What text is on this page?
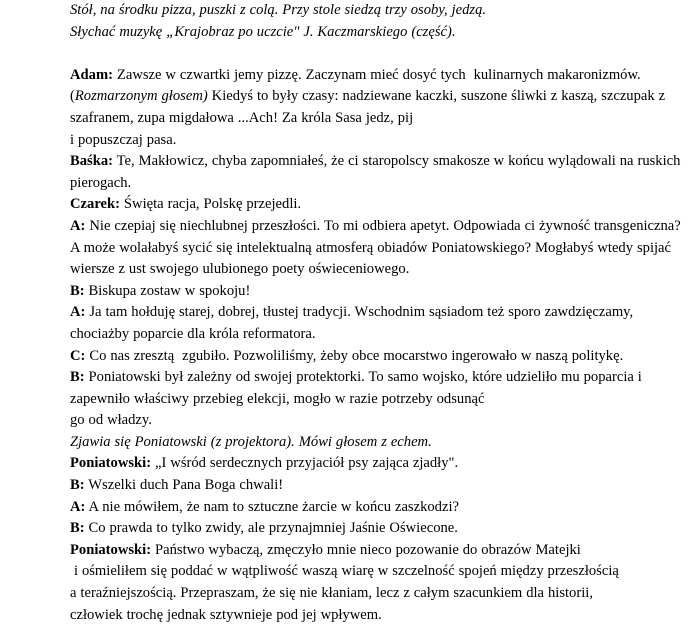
Stół, na środku pizza, puszki z colą. Przy stole siedzą trzy osoby, jedzą.
Słychać muzykę „Krajobraz po uczcie" J. Kaczmarskiego (część).

Adam: Zawsze w czwartki jemy pizzę. Zaczynam mieć dosyć tych  kulinarnych makaronizmów. (Rozmarzonym głosem) Kiedyś to były czasy: nadziewane kaczki, suszone śliwki z kaszą, szczupak z szafranem, zupa migdałowa ...Ach! Za króla Sasa jedz, pij
i popuszczaj pasa.

Baśka: Te, Makłowicz, chyba zapomniałeś, że ci staropolscy smakosze w końcu wylądowali na ruskich pierogach.

Czarek: Święta racja, Polskę przejedli.

A: Nie czepiaj się niechlubnej przeszłości. To mi odbiera apetyt. Odpowiada ci żywność transgeniczna? A może wolałabyś sycić się intelektualną atmosferą obiadów Poniatowskiego? Mogłabyś wtedy spijać wiersze z ust swojego ulubionego poety oświeceniowego.

B: Biskupa zostaw w spokoju!

A: Ja tam hołduję starej, dobrej, tłustej tradycji. Wschodnim sąsiadom też sporo zawdzięczamy, chociażby poparcie dla króla reformatora.

C: Co nas zresztą  zgubiło. Pozwoliliśmy, żeby obce mocarstwo ingerowało w naszą politykę.

B: Poniatowski był zależny od swojej protektorki. To samo wojsko, które udzieliło mu poparcia i zapewniło właściwy przebieg elekcji, mogło w razie potrzeby odsunąć
go od władzy.

Zjawia się Poniatowski (z projektora). Mówi głosem z echem.

Poniatowski: „I wśród serdecznych przyjaciół psy zająca zjadły".

B: Wszelki duch Pana Boga chwali!

A: A nie mówiłem, że nam to sztuczne żarcie w końcu zaszkodzi?

B: Co prawda to tylko zwidy, ale przynajmniej Jaśnie Oświecone.

Poniatowski: Państwo wybaczą, zmęczyło mnie nieco pozowanie do obrazów Matejki
i ośmieliłem się poddać w wątpliwość waszą wiarę w szczelność spojeń między przeszłością
a teraźniejszością. Przepraszam, że się nie kłaniam, lecz z całym szacunkiem dla historii,
człowiek trochę jednak sztywnieje pod jej wpływem.
